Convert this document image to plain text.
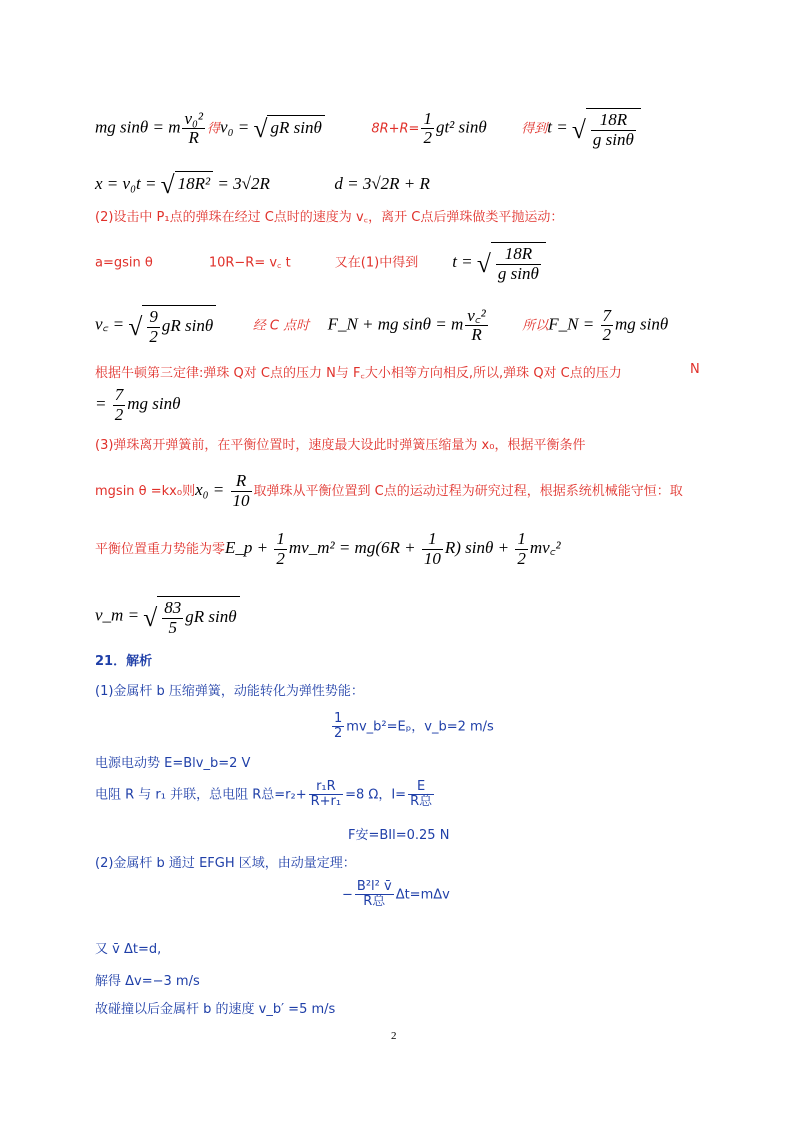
mg sinθ = m $\frac{\text{v₀²}}{R}$ 得v₀ = √ gR sinθ	$8R+R= \frac{1}{2} gt^2$ sinθ	得到t = √ $\frac{18R}{\text{g sinθ}}$
x = v₀t = √ 18R² = 3√2R	d = 3√2R + R
(2)设击中 P₁点的弹珠在经过 C点时的速度为 v꜀，离开 C点后弹珠做类平抛运动：
a=gsin θ	10R−R= v꜀ t	又在(1)中得到 t = √ $\frac{18R}{\text{g sinθ}}$
v꜀ = √ $\frac{9}{2}$ gR sinθ	经 C 点时 F_N + mg sinθ = m $\frac{\text{v꜀²}}{R}$	所以F_N = $\frac{7}{2}$ mg sinθ
根据牛顿第三定律:弹珠 Q对 C点的压力 N与 F꜀大小相等方向相反,所以,弹珠 Q对 C点的压力	N
= $\frac{7}{2}$ mg sinθ
(3)弹珠离开弹簧前，在平衡位置时，速度最大设此时弹簧压缩量为 x₀，根据平衡条件
mgsin θ =kx₀则$x_0 = \frac{R}{10}$ 取弹珠从平衡位置到 C点的运动过程为研究过程，根据系统机械能守恒：取
平衡位置重力势能为零E_p + $\frac{1}{2}$ mv_m² = $mg(6R + \frac{1}{10} R)$ $\sin\theta + \frac{1}{2}$ mv꜀²
v_m = √ $\frac{83}{5}$ gR sinθ
21．解析
(1)金属杆 b 压缩弹簧，动能转化为弹性势能：
$\frac{1}{2}$ mv_b²=Eₚ，v_b=2 m/s
电源电动势 E=Blv_b=2 V
电阻 R 与 r₁ 并联，总电阻 R总$=r_2+ \frac{\text{r₁R}}{\text{R+r₁}} =8$ Ω，$I= \frac{E}{\text{R总}}$
F安=BIl=0.25 N
(2)金属杆 b 通过 EFGH 区域，由动量定理：
− $\frac{\text{B²l² v̄}}{\text{R总}} \Delta t=m\Delta v$
又 v̄ Δt=d,
解得 Δv=−3 m/s
故碰撞以后金属杆 b 的速度 v_b′ =5 m/s
2
